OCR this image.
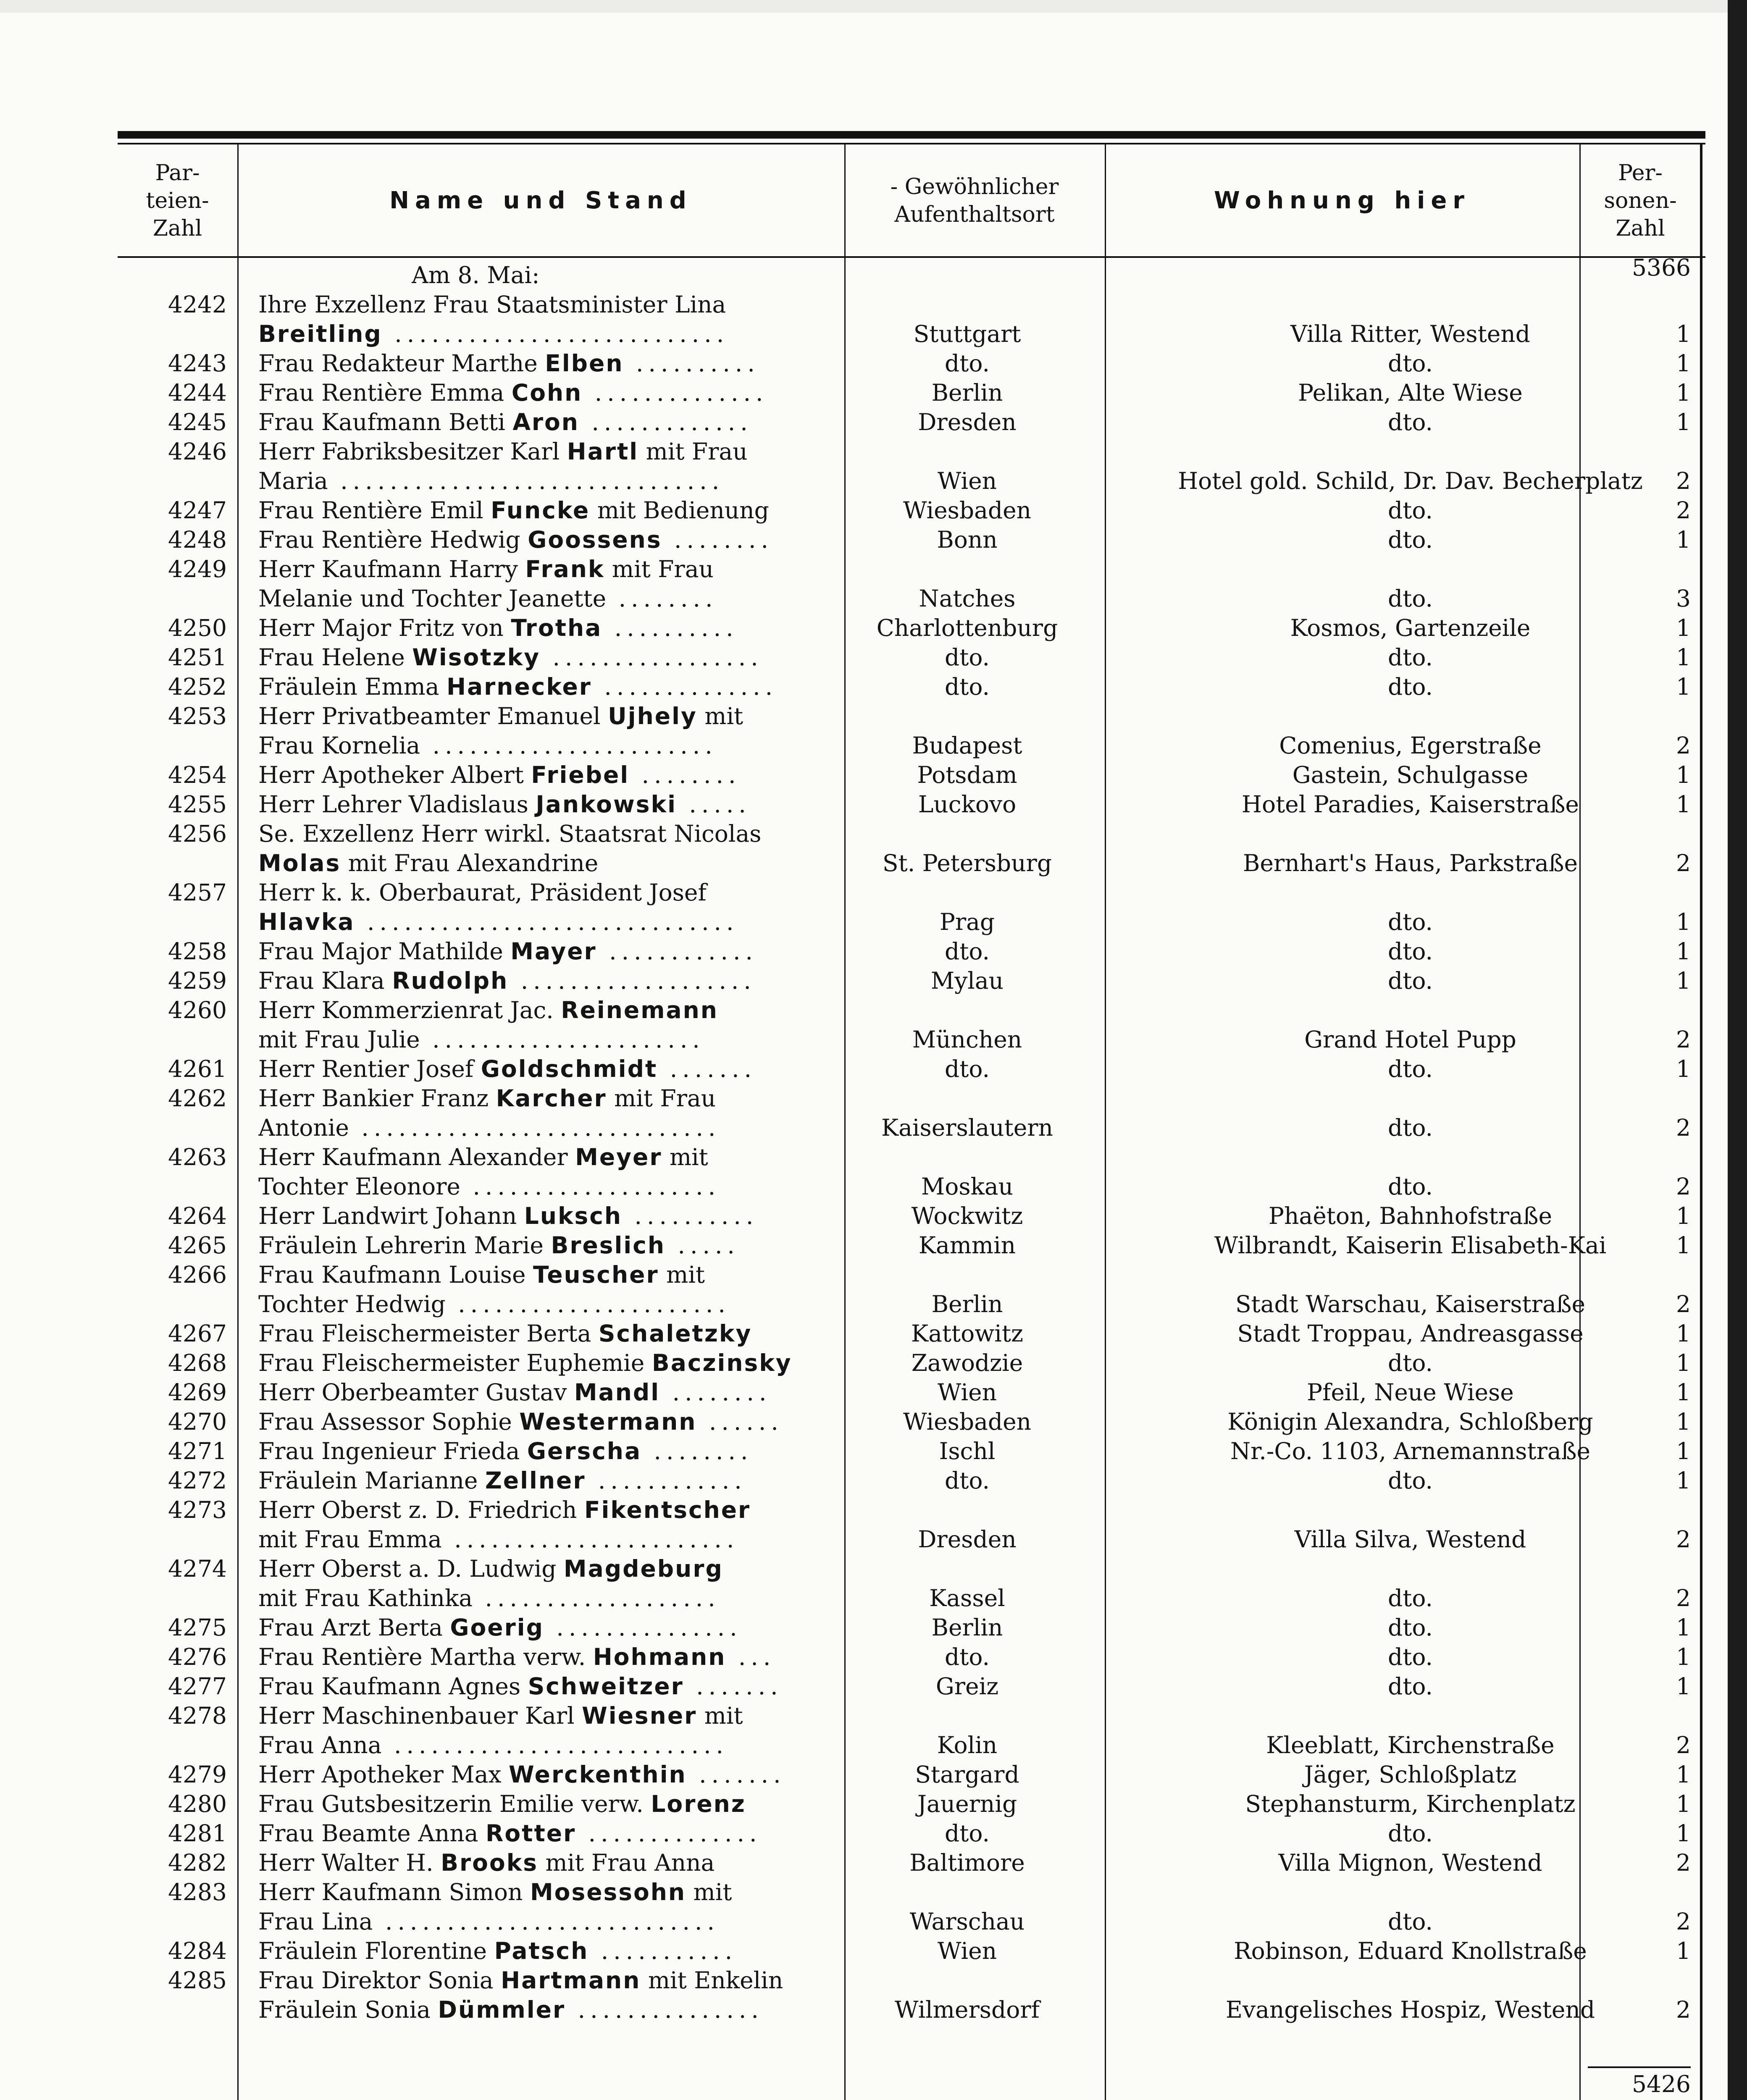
Par-
teien-
Zahl
Name und Stand	- Gewöhnlicher
Aufenthaltsort
Wohnung hier
Per-
sonen-
Zahl
5366
Am 8. Mai:
4242 Ihre Exzellenz Frau Staatsminister Lina
Breitling ...........................	Stuttgart	Villa Ritter, Westend	1
4243 Frau Redakteur Marthe Elben ..........	dto.	dto.	1
4244 Frau Rentière Emma Cohn ..............	Berlin	Pelikan, Alte Wiese	1
4245 Frau Kaufmann Betti Aron .............	Dresden	dto.	1
4246 Herr Fabriksbesitzer Karl Hartl mit Frau
Maria ...............................	Wien	Hotel gold. Schild, Dr. Dav. Becherplatz	2
4247 Frau Rentière Emil Funcke mit Bedienung	Wiesbaden	dto.	2
4248 Frau Rentière Hedwig Goossens ........	Bonn	dto.	1
4249 Herr Kaufmann Harry Frank mit Frau
Melanie und Tochter Jeanette ........	Natches	dto.	3
4250 Herr Major Fritz von Trotha ..........	Charlottenburg	Kosmos, Gartenzeile	1
4251 Frau Helene Wisotzky .................	dto.	dto.	1
4252 Fräulein Emma Harnecker ..............	dto.	dto.	1
4253 Herr Privatbeamter Emanuel Ujhely mit
Frau Kornelia .......................	Budapest	Comenius, Egerstraße	2
4254 Herr Apotheker Albert Friebel ........	Potsdam	Gastein, Schulgasse	1
4255 Herr Lehrer Vladislaus Jankowski .....	Luckovo	Hotel Paradies, Kaiserstraße	1
4256 Se. Exzellenz Herr wirkl. Staatsrat Nicolas
Molas mit Frau Alexandrine	St. Petersburg	Bernhart's Haus, Parkstraße	2
4257 Herr k. k. Oberbaurat, Präsident Josef
Hlavka ..............................	Prag	dto.	1
4258 Frau Major Mathilde Mayer ............	dto.	dto.	1
4259 Frau Klara Rudolph ...................	Mylau	dto.	1
4260 Herr Kommerzienrat Jac. Reinemann
mit Frau Julie ......................	München	Grand Hotel Pupp	2
4261 Herr Rentier Josef Goldschmidt .......	dto.	dto.	1
4262 Herr Bankier Franz Karcher mit Frau
Antonie .............................	Kaiserslautern	dto.	2
4263 Herr Kaufmann Alexander Meyer mit
Tochter Eleonore ....................	Moskau	dto.	2
4264 Herr Landwirt Johann Luksch ..........	Wockwitz	Phaëton, Bahnhofstraße	1
4265 Fräulein Lehrerin Marie Breslich .....	Kammin	Wilbrandt, Kaiserin Elisabeth-Kai	1
4266 Frau Kaufmann Louise Teuscher mit
Tochter Hedwig ......................	Berlin	Stadt Warschau, Kaiserstraße	2
4267 Frau Fleischermeister Berta Schaletzky	Kattowitz	Stadt Troppau, Andreasgasse	1
4268 Frau Fleischermeister Euphemie Baczinsky	Zawodzie	dto.	1
4269 Herr Oberbeamter Gustav Mandl ........	Wien	Pfeil, Neue Wiese	1
4270 Frau Assessor Sophie Westermann ......	Wiesbaden	Königin Alexandra, Schloßberg	1
4271 Frau Ingenieur Frieda Gerscha ........	Ischl	Nr.-Co. 1103, Arnemannstraße	1
4272 Fräulein Marianne Zellner ............	dto.	dto.	1
4273 Herr Oberst z. D. Friedrich Fikentscher
mit Frau Emma .......................	Dresden	Villa Silva, Westend	2
4274 Herr Oberst a. D. Ludwig Magdeburg
mit Frau Kathinka ...................	Kassel	dto.	2
4275 Frau Arzt Berta Goerig ...............	Berlin	dto.	1
4276 Frau Rentière Martha verw. Hohmann ...	dto.	dto.	1
4277 Frau Kaufmann Agnes Schweitzer .......	Greiz	dto.	1
4278 Herr Maschinenbauer Karl Wiesner mit
Frau Anna ...........................	Kolin	Kleeblatt, Kirchenstraße	2
4279 Herr Apotheker Max Werckenthin .......	Stargard	Jäger, Schloßplatz	1
4280 Frau Gutsbesitzerin Emilie verw. Lorenz	Jauernig	Stephansturm, Kirchenplatz	1
4281 Frau Beamte Anna Rotter ..............	dto.	dto.	1
4282 Herr Walter H. Brooks mit Frau Anna	Baltimore	Villa Mignon, Westend	2
4283 Herr Kaufmann Simon Mosessohn mit
Frau Lina ...........................	Warschau	dto.	2
4284 Fräulein Florentine Patsch ...........	Wien	Robinson, Eduard Knollstraße	1
4285 Frau Direktor Sonia Hartmann mit Enkelin
Fräulein Sonia Dümmler ...............	Wilmersdorf	Evangelisches Hospiz, Westend	2
5426
